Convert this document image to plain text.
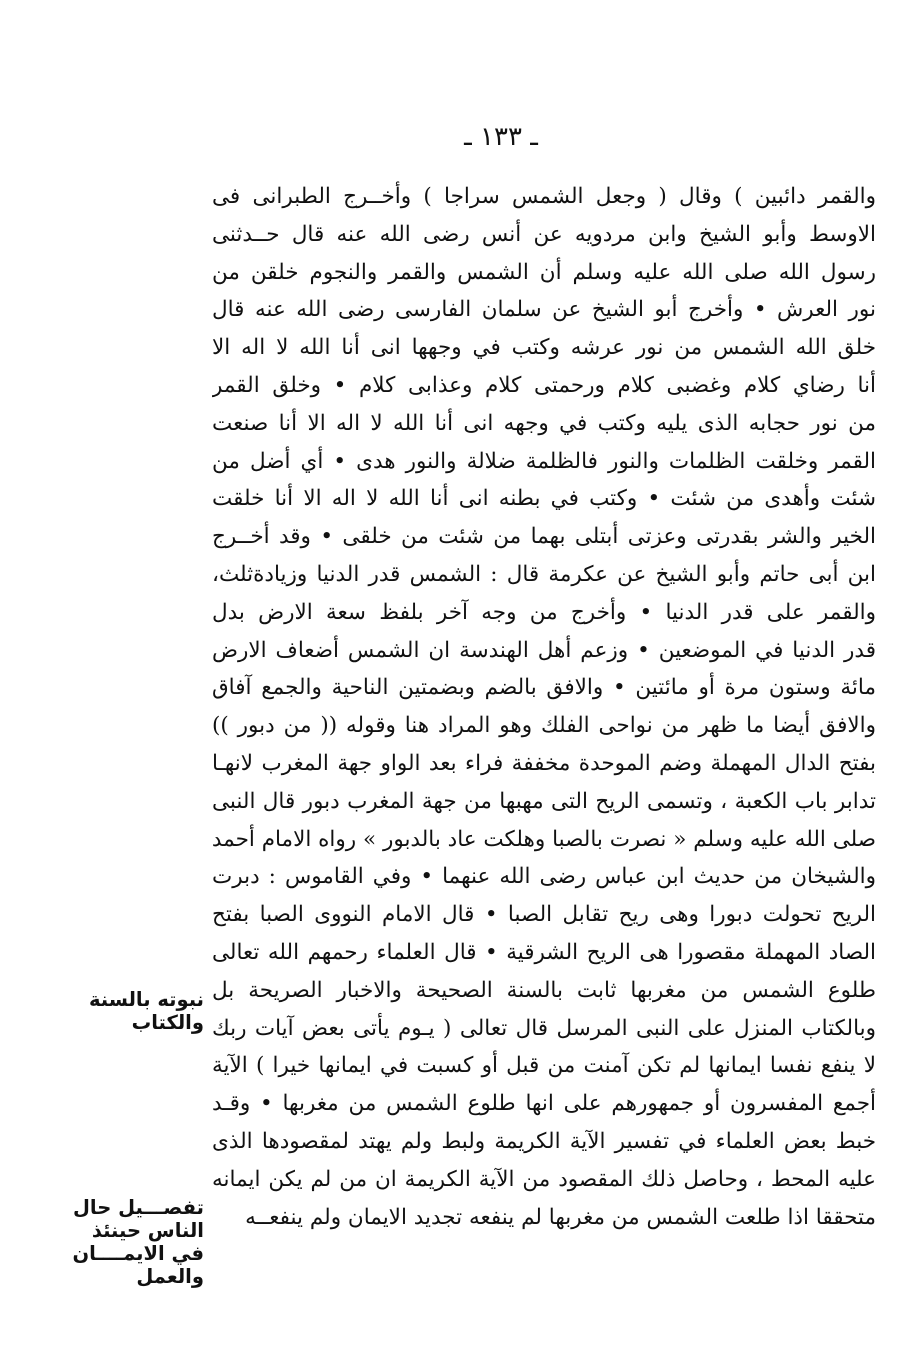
ـ ١٣٣ ـ
والقمر دائبين ) وقال ( وجعل الشمس سراجا ) وأخــرج الطبرانى فى
الاوسط وأبو الشيخ وابن مردويه عن أنس رضى الله عنه قال حــدثنى
رسول الله صلى الله عليه وسلم أن الشمس والقمر والنجوم خلقن من
نور العرش • وأخرج أبو الشيخ عن سلمان الفارسى رضى الله عنه قال
خلق الله الشمس من نور عرشه وكتب في وجهها انى أنا الله لا اله الا
أنا رضاي كلام وغضبى كلام ورحمتى كلام وعذابى كلام • وخلق القمر
من نور حجابه الذى يليه وكتب في وجهه انى أنا الله لا اله الا أنا صنعت
القمر وخلقت الظلمات والنور فالظلمة ضلالة والنور هدى • أي أضل من
شئت وأهدى من شئت • وكتب في بطنه انى أنا الله لا اله الا أنا خلقت
الخير والشر بقدرتى وعزتى أبتلى بهما من شئت من خلقى • وقد أخــرج
ابن أبى حاتم وأبو الشيخ عن عكرمة قال : الشمس قدر الدنيا وزيادةثلث،
والقمر على قدر الدنيا • وأخرج من وجه آخر بلفظ سعة الارض بدل
قدر الدنيا في الموضعين • وزعم أهل الهندسة ان الشمس أضعاف الارض
مائة وستون مرة أو مائتين • والافق بالضم وبضمتين الناحية والجمع آفاق
والافق أيضا ما ظهر من نواحى الفلك وهو المراد هنا وقوله (( من دبور ))
بفتح الدال المهملة وضم الموحدة مخففة فراء بعد الواو جهة المغرب لانهـا
تدابر باب الكعبة ، وتسمى الريح التى مهبها من جهة المغرب دبور قال النبى
صلى الله عليه وسلم « نصرت بالصبا وهلكت عاد بالدبور » رواه الامام أحمد
والشيخان من حديث ابن عباس رضى الله عنهما • وفي القاموس : دبرت
الريح تحولت دبورا وهى ريح تقابل الصبا • قال الامام النووى الصبا بفتح
الصاد المهملة مقصورا هى الريح الشرقية • قال العلماء رحمهم الله تعالى
طلوع الشمس من مغربها ثابت بالسنة الصحيحة والاخبار الصريحة بل
وبالكتاب المنزل على النبى المرسل قال تعالى ( يـوم يأتى بعض آيات ربك
لا ينفع نفسا ايمانها لم تكن آمنت من قبل أو كسبت في ايمانها خيرا ) الآية
أجمع المفسرون أو جمهورهم على انها طلوع الشمس من مغربها • وقـد
خبط بعض العلماء في تفسير الآية الكريمة ولبط ولم يهتد لمقصودها الذى
عليه المحط ، وحاصل ذلك المقصود من الآية الكريمة ان من لم يكن ايمانه
متحققا اذا طلعت الشمس من مغربها لم ينفعه تجديد الايمان ولم ينفعــه
نبوته بالسنة
والكتاب
تفصـــيل حال
الناس حينئذ
في الايمــــان
والعمل
